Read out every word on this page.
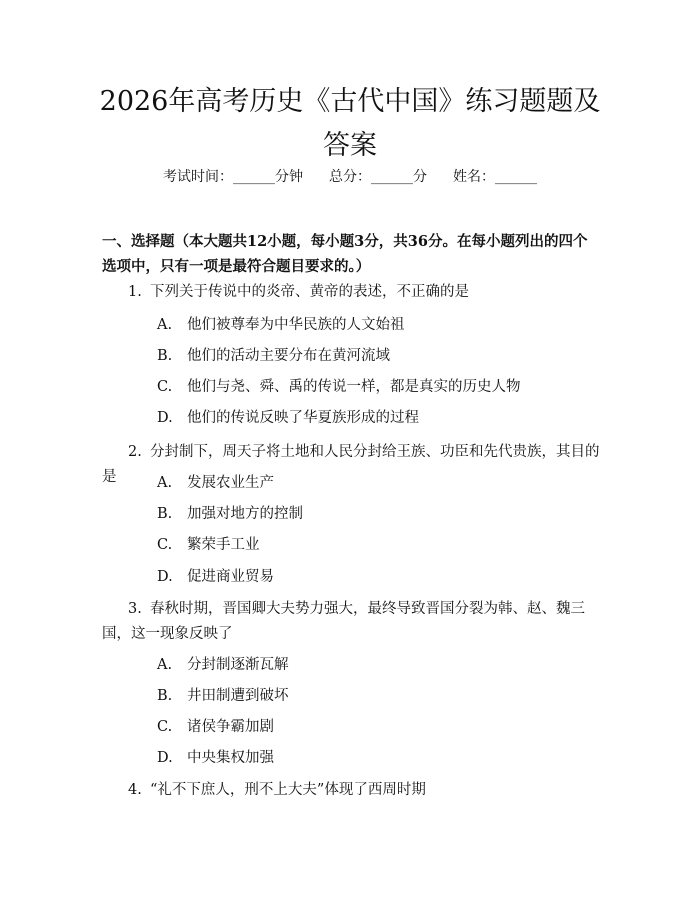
2026年高考历史《古代中国》练习题题及答案
考试时间：______分钟 总分：______分 姓名：______
一、选择题（本大题共12小题，每小题3分，共36分。在每小题列出的四个选项中，只有一项是最符合题目要求的。）
1. 下列关于传说中的炎帝、黄帝的表述，不正确的是
A. 他们被尊奉为中华民族的人文始祖
B. 他们的活动主要分布在黄河流域
C. 他们与尧、舜、禹的传说一样，都是真实的历史人物
D. 他们的传说反映了华夏族形成的过程
2. 分封制下，周天子将土地和人民分封给王族、功臣和先代贵族，其目的是	A. 发展农业生产
B. 加强对地方的控制
C. 繁荣手工业
D. 促进商业贸易
3. 春秋时期，晋国卿大夫势力强大，最终导致晋国分裂为韩、赵、魏三国，这一现象反映了
A. 分封制逐渐瓦解
B. 井田制遭到破坏
C. 诸侯争霸加剧
D. 中央集权加强
4. “礼不下庶人，刑不上大夫”体现了西周时期
